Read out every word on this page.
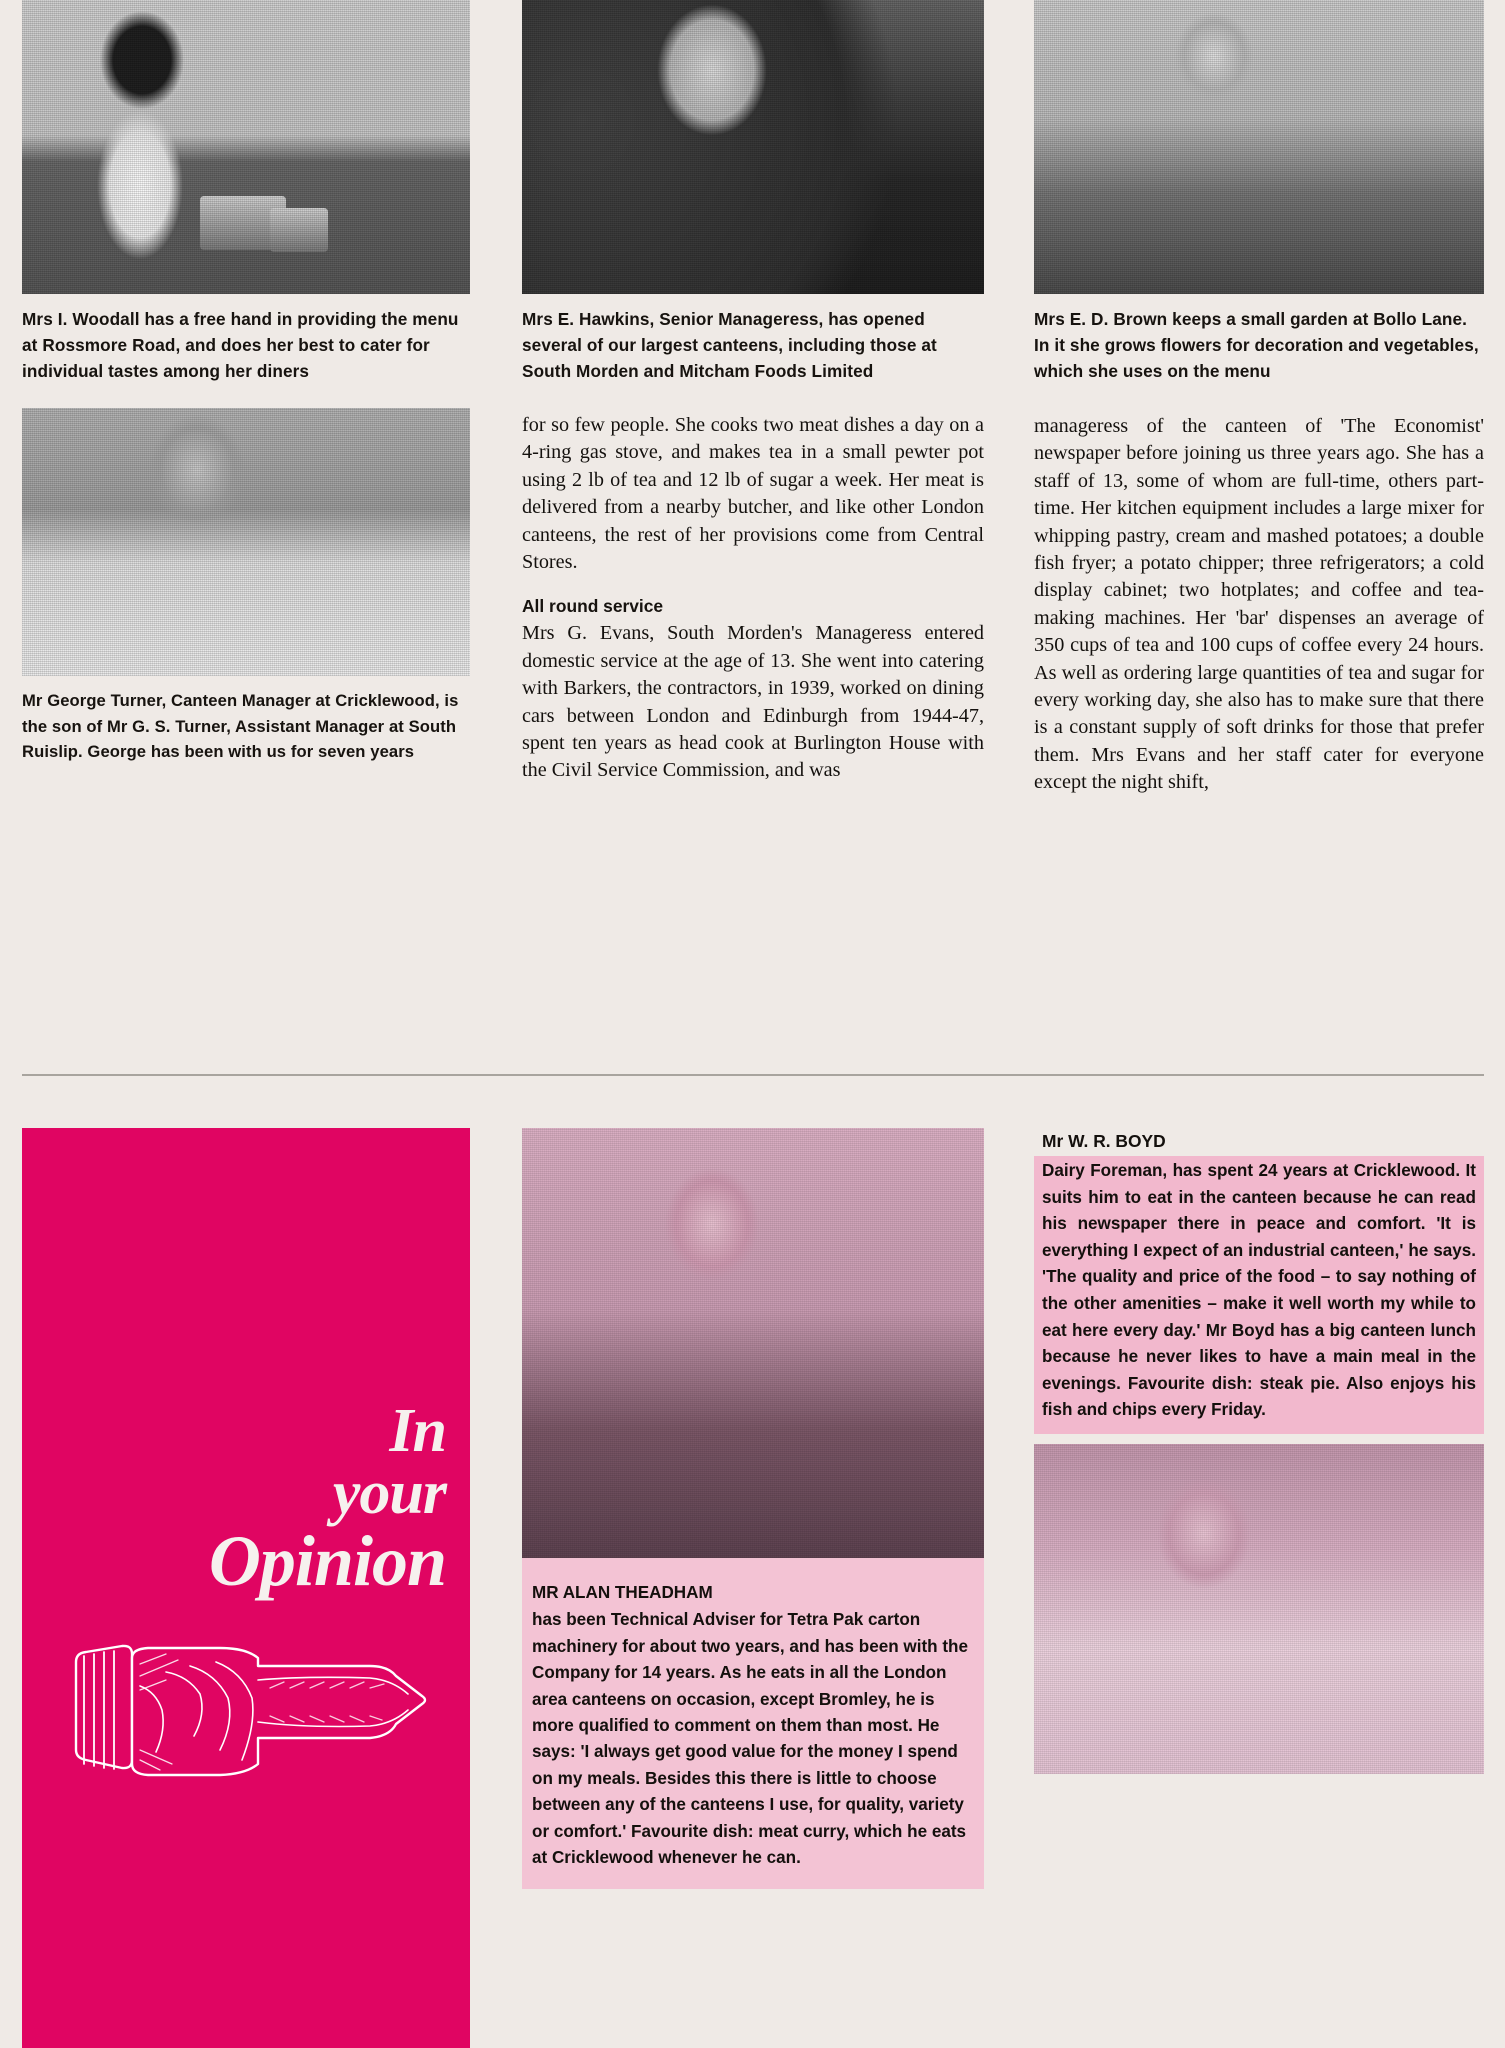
Mrs I. Woodall has a free hand in providing the menu at Rossmore Road, and does her best to cater for individual tastes among her diners
Mr George Turner, Canteen Manager at Cricklewood, is the son of Mr G. S. Turner, Assistant Manager at South Ruislip. George has been with us for seven years
Mrs E. Hawkins, Senior Manageress, has opened several of our largest canteens, including those at South Morden and Mitcham Foods Limited

for so few people. She cooks two meat dishes a day on a 4-ring gas stove, and makes tea in a small pewter pot using 2 lb of tea and 12 lb of sugar a week. Her meat is delivered from a nearby butcher, and like other London canteens, the rest of her provisions come from Central Stores.

All round service

Mrs G. Evans, South Morden's Manageress entered domestic service at the age of 13. She went into catering with Barkers, the contractors, in 1939, worked on dining cars between London and Edinburgh from 1944-47, spent ten years as head cook at Burlington House with the Civil Service Commission, and was

Mrs E. D. Brown keeps a small garden at Bollo Lane. In it she grows flowers for decoration and vegetables, which she uses on the menu

manageress of the canteen of 'The Economist' newspaper before joining us three years ago. She has a staff of 13, some of whom are full-time, others part-time. Her kitchen equipment includes a large mixer for whipping pastry, cream and mashed potatoes; a double fish fryer; a potato chipper; three refrigerators; a cold display cabinet; two hotplates; and coffee and tea-making machines. Her 'bar' dispenses an average of 350 cups of tea and 100 cups of coffee every 24 hours. As well as ordering large quantities of tea and sugar for every working day, she also has to make sure that there is a constant supply of soft drinks for those that prefer them. Mrs Evans and her staff cater for everyone except the night shift,

In
your
Opinion	MR ALAN THEADHAM
has been Technical Adviser for Tetra Pak carton machinery for about two years, and has been with the Company for 14 years. As he eats in all the London area canteens on occasion, except Bromley, he is more qualified to comment on them than most. He says: 'I always get good value for the money I spend on my meals. Besides this there is little to choose between any of the canteens I use, for quality, variety or comfort.' Favourite dish: meat curry, which he eats at Cricklewood whenever he can.
Mr W. R. BOYD
Dairy Foreman, has spent 24 years at Cricklewood. It suits him to eat in the canteen because he can read his newspaper there in peace and comfort. 'It is everything I expect of an industrial canteen,' he says. 'The quality and price of the food – to say nothing of the other amenities – make it well worth my while to eat here every day.' Mr Boyd has a big canteen lunch because he never likes to have a main meal in the evenings. Favourite dish: steak pie. Also enjoys his fish and chips every Friday.
